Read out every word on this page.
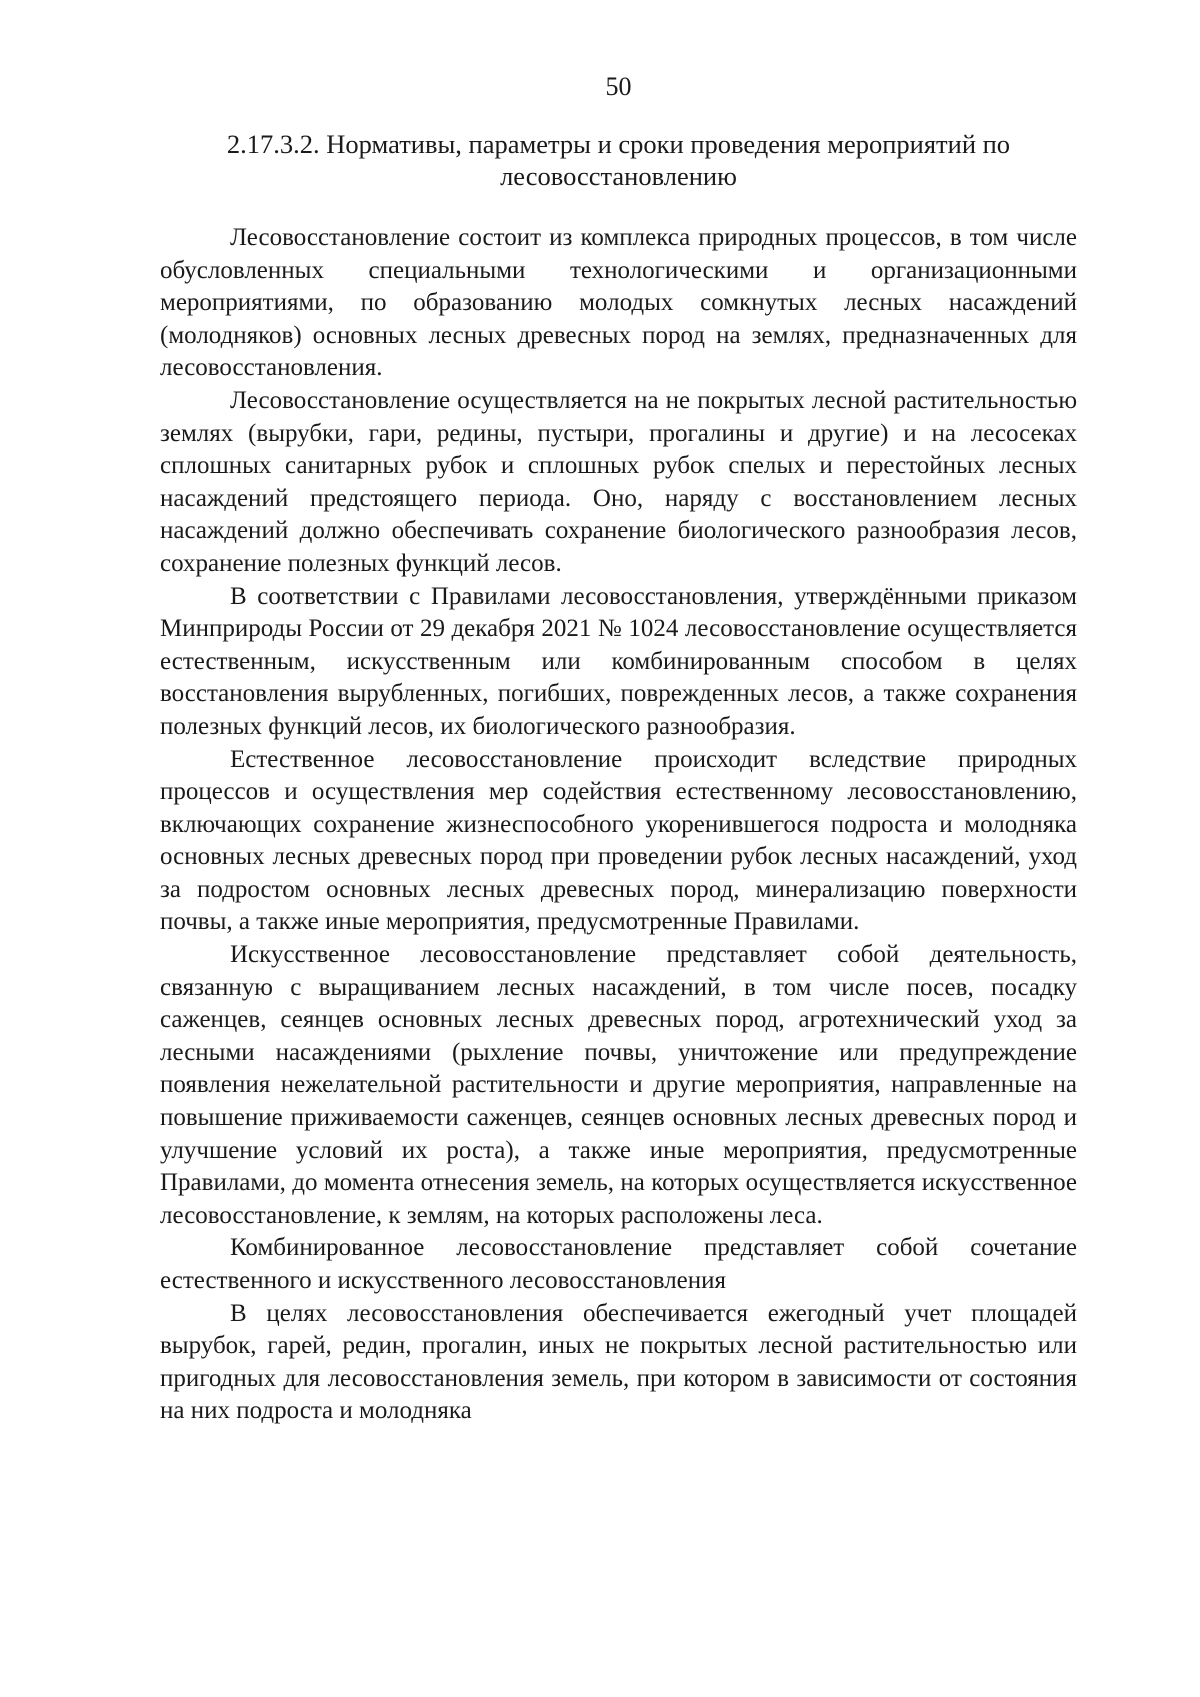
50
2.17.3.2. Нормативы, параметры и сроки проведения мероприятий по лесовосстановлению

Лесовосстановление состоит из комплекса природных процессов, в том числе обусловленных специальными технологическими и организационными мероприятиями, по образованию молодых сомкнутых лесных насаждений (молодняков) основных лесных древесных пород на землях, предназначенных для лесовосстановления.

Лесовосстановление осуществляется на не покрытых лесной растительностью землях (вырубки, гари, редины, пустыри, прогалины и другие) и на лесосеках сплошных санитарных рубок и сплошных рубок спелых и перестойных лесных насаждений предстоящего периода. Оно, наряду с восстановлением лесных насаждений должно обеспечивать сохранение биологического разнообразия лесов, сохранение полезных функций лесов.

В соответствии с Правилами лесовосстановления, утверждёнными приказом Минприроды России от 29 декабря 2021 № 1024 лесовосстановление осуществляется естественным, искусственным или комбинированным способом в целях восстановления вырубленных, погибших, поврежденных лесов, а также сохранения полезных функций лесов, их биологического разнообразия.

Естественное лесовосстановление происходит вследствие природных процессов и осуществления мер содействия естественному лесовосстановлению, включающих сохранение жизнеспособного укоренившегося подроста и молодняка основных лесных древесных пород при проведении рубок лесных насаждений, уход за подростом основных лесных древесных пород, минерализацию поверхности почвы, а также иные мероприятия, предусмотренные Правилами.

Искусственное лесовосстановление представляет собой деятельность, связанную с выращиванием лесных насаждений, в том числе посев, посадку саженцев, сеянцев основных лесных древесных пород, агротехнический уход за лесными насаждениями (рыхление почвы, уничтожение или предупреждение появления нежелательной растительности и другие мероприятия, направленные на повышение приживаемости саженцев, сеянцев основных лесных древесных пород и улучшение условий их роста), а также иные мероприятия, предусмотренные Правилами, до момента отнесения земель, на которых осуществляется искусственное лесовосстановление, к землям, на которых расположены леса.

Комбинированное лесовосстановление представляет собой сочетание естественного и искусственного лесовосстановления

В целях лесовосстановления обеспечивается ежегодный учет площадей вырубок, гарей, редин, прогалин, иных не покрытых лесной растительностью или пригодных для лесовосстановления земель, при котором в зависимости от состояния на них подроста и молодняка
